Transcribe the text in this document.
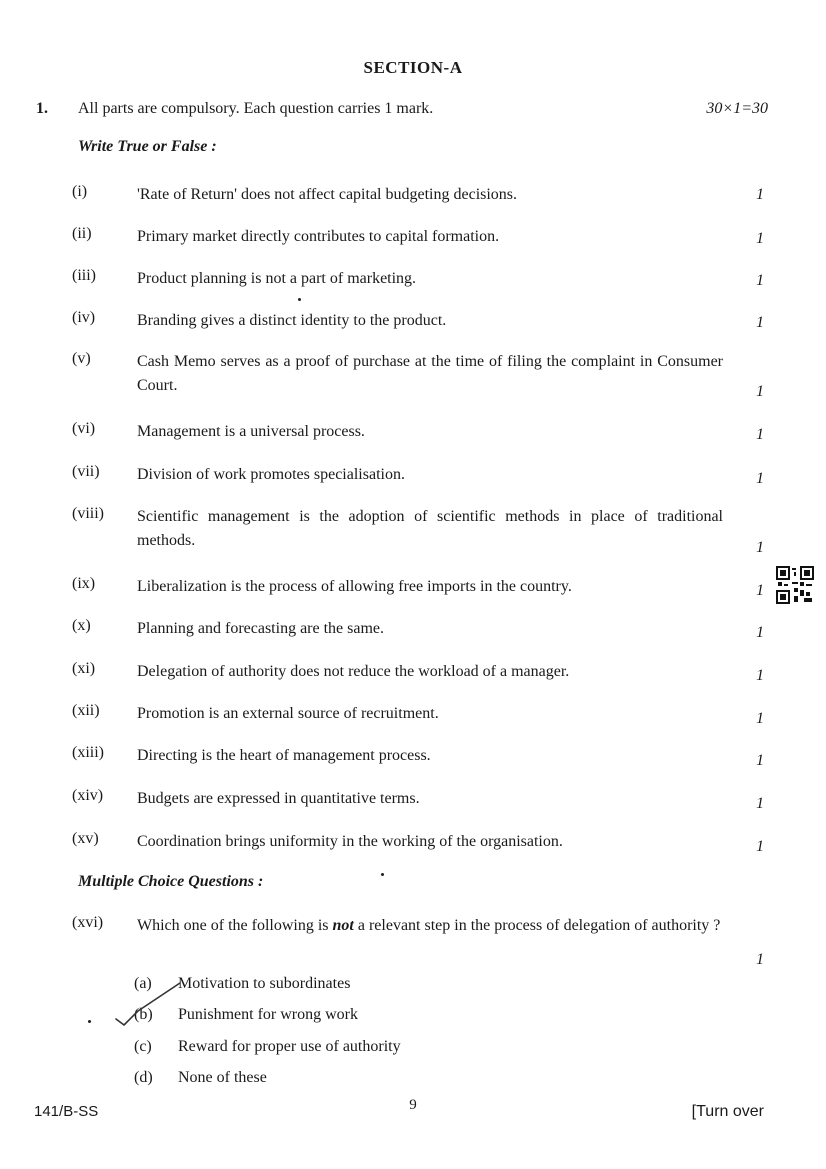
SECTION-A
1. All parts are compulsory. Each question carries 1 mark.	30×1=30
Write True or False :
(i)	'Rate of Return' does not affect capital budgeting decisions.	1
(ii)	Primary market directly contributes to capital formation.	1
(iii)	Product planning is not a part of marketing.	1
(iv)	Branding gives a distinct identity to the product.	1
(v)	Cash Memo serves as a proof of purchase at the time of filing the complaint in Consumer Court.	1
(vi)	Management is a universal process.	1
(vii) Division of work promotes specialisation.	1
(viii) Scientific management is the adoption of scientific methods in place of traditional methods.	1
(ix)	Liberalization is the process of allowing free imports in the country.	1
(x)	Planning and forecasting are the same.	1
(xi)	Delegation of authority does not reduce the workload of a manager.	1
(xii) Promotion is an external source of recruitment.	1
(xiii) Directing is the heart of management process.	1
(xiv) Budgets are expressed in quantitative terms.	1
(xv) Coordination brings uniformity in the working of the organisation.	1
Multiple Choice Questions :
(xvi) Which one of the following is not a relevant step in the process of delegation of authority ?
1
(a) Motivation to subordinates
(b) Punishment for wrong work
(c) Reward for proper use of authority
(d) None of these
141/B-SS	9	[Turn over
